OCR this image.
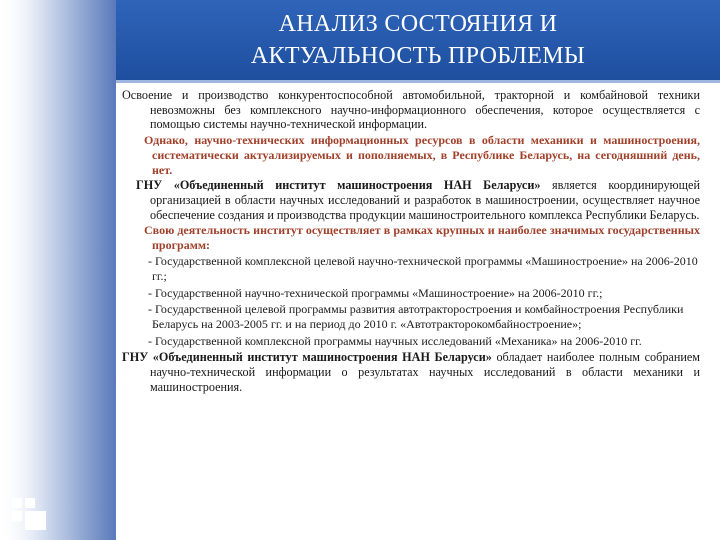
АНАЛИЗ СОСТОЯНИЯ И
АКТУАЛЬНОСТЬ ПРОБЛЕМЫ

Освоение и производство конкурентоспособной автомобильной, тракторной и комбайновой техники невозможны без комплексного научно-информационного обеспечения, которое осуществляется с помощью системы научно-технической информации.

Однако, научно-технических информационных ресурсов в области механики и машиностроения, систематически актуализируемых и пополняемых, в Республике Беларусь, на сегодняшний день, нет.

ГНУ «Объединенный институт машиностроения НАН Беларуси» является координирующей организацией в области научных исследований и разработок в машиностроении, осуществляет научное обеспечение создания и производства продукции машиностроительного комплекса Республики Беларусь.

Свою деятельность институт осуществляет в рамках крупных и наиболее значимых государственных программ:

- Государственной комплексной целевой научно-технической программы «Машиностроение» на 2006-2010 гг.;

- Государственной научно-технической программы «Машиностроение» на 2006-2010 гг.;

- Государственной целевой программы развития автотракторостроения и комбайностроения Республики Беларусь на 2003-2005 гг. и на период до 2010 г. «Автотракторокомбайностроение»;

- Государственной комплексной программы научных исследований «Механика» на 2006-2010 гг.

ГНУ «Объединенный институт машиностроения НАН Беларуси» обладает наиболее полным собранием научно-технической информации о результатах научных исследований в области механики и машиностроения.
